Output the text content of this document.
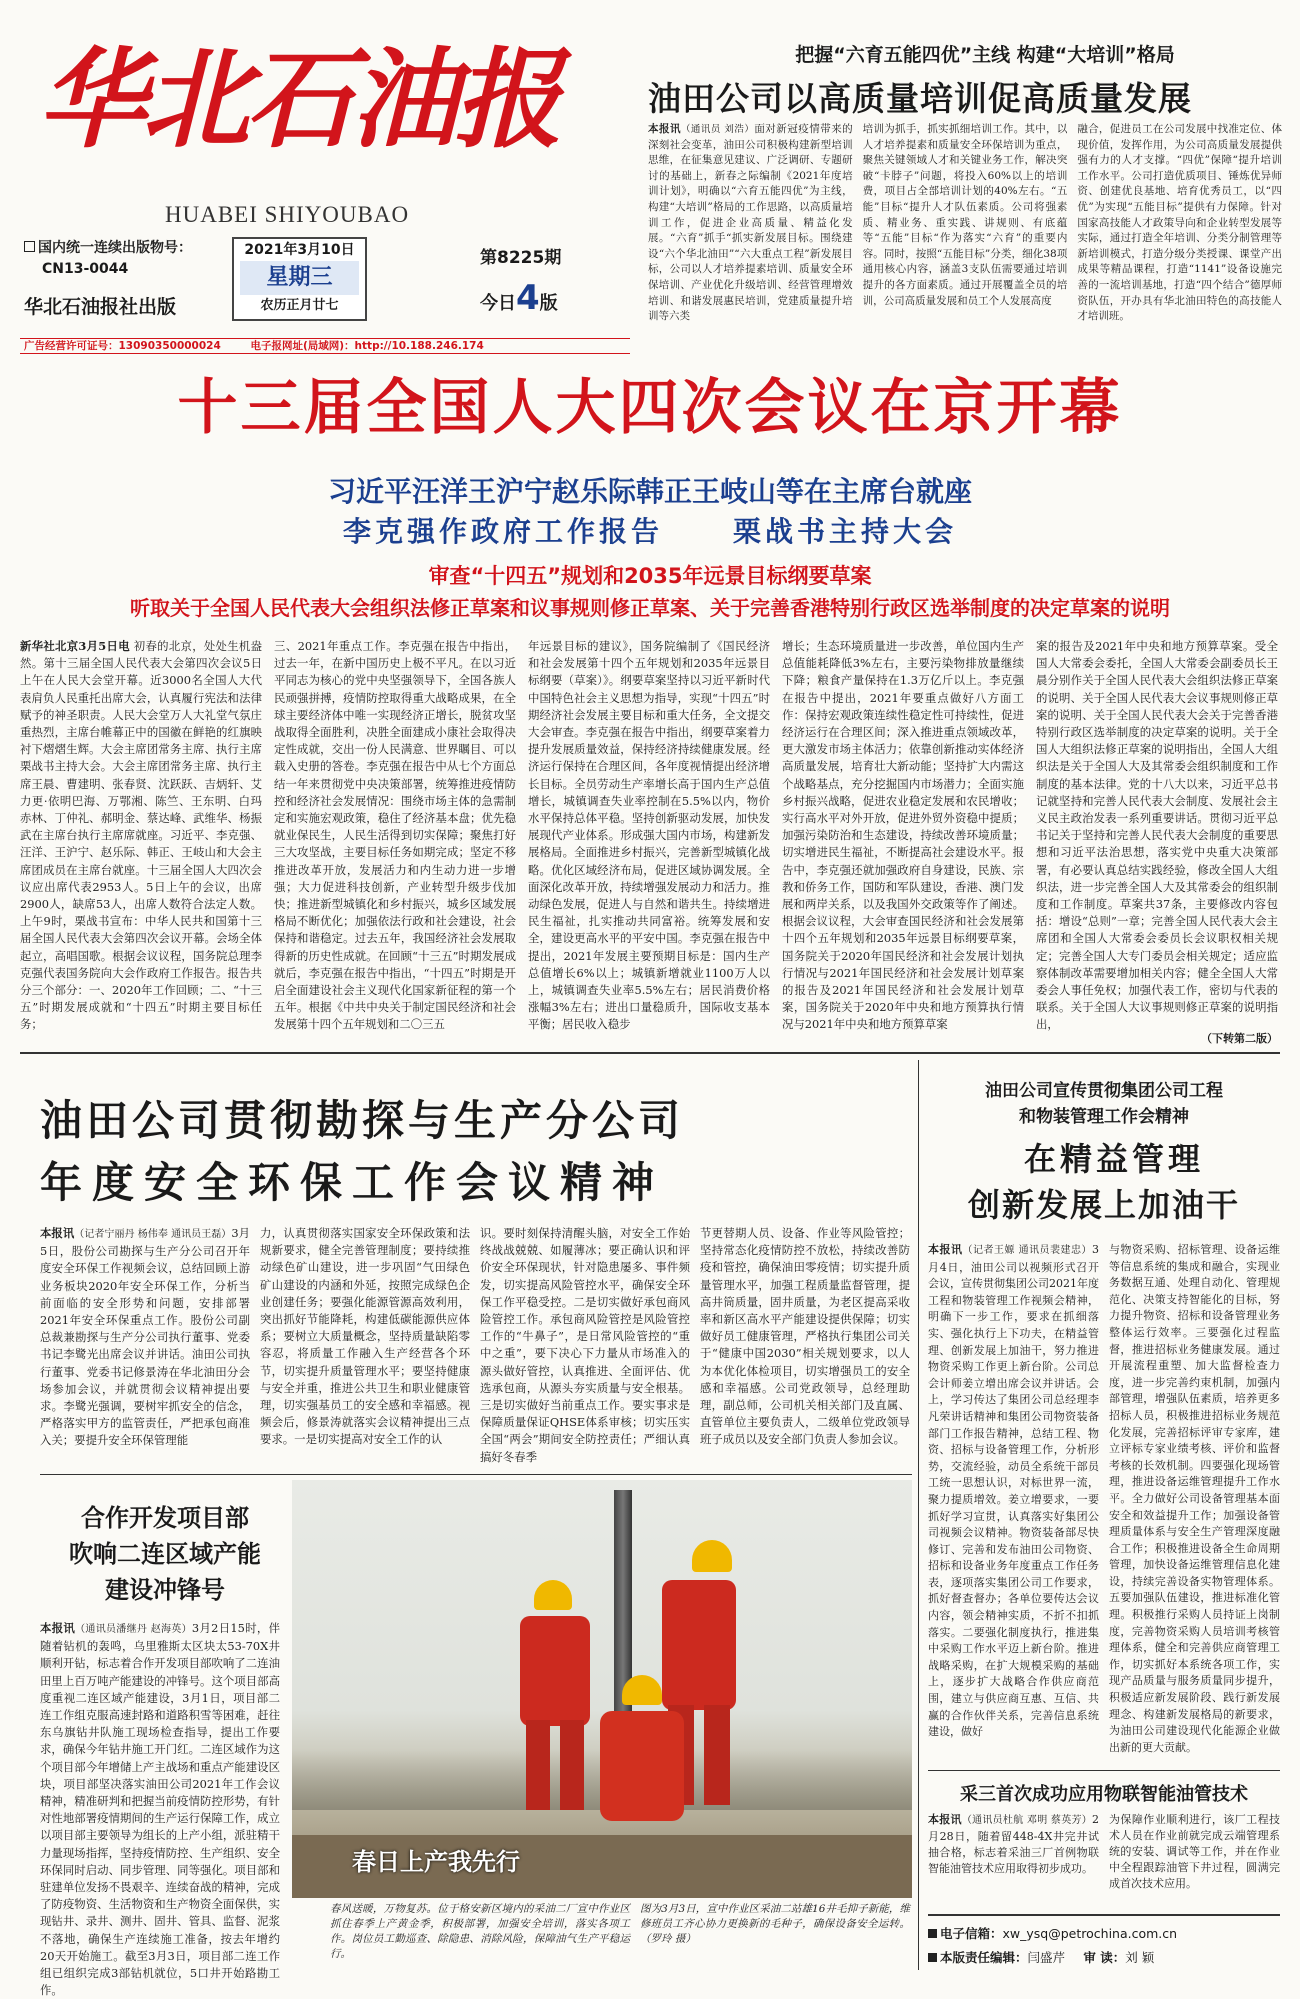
华北石油报
HUABEI SHIYOUBAO
国内统一连续出版物号：
CN13-0044
华北石油报社出版
2021年3月10日
星期三
农历正月廿七
第8225期
今日4版
广告经营许可证号：13090350000024	电子报网址(局域网)：http://10.188.246.174
把握“六育五能四优”主线 构建“大培训”格局
油田公司以高质量培训促高质量发展
本报讯（通讯员 刘浩）面对新冠疫情带来的深刻社会变革，油田公司积极构建新型培训思维，在征集意见建议、广泛调研、专题研讨的基础上，新春之际编制《2021年度培训计划》，明确以“六育五能四优”为主线，构建“大培训”格局的工作思路，以高质量培训工作，促进企业高质量、精益化发展。“六育”抓手“抓实新发展目标。围绕建设“六个华北油田”“六大重点工程”新发展目标，公司以人才培养提素培训、质量安全环保培训、产业优化升级培训、经营管理增效培训、和谐发展惠民培训，党建质量提升培训等六类
培训为抓手，抓实抓细培训工作。其中，以人才培养提素和质量安全环保培训为重点，聚焦关键领域人才和关键业务工作，解决突破“卡脖子”问题，将投入60%以上的培训费，项目占全部培训计划的40%左右。“五能”目标“提升人才队伍素质。公司将强素质、精业务、重实践、讲规则、有底蕴等“五能”目标“作为落实“六育”的重要内容。同时，按照“五能目标”分类，细化38项通用核心内容，涵盖3支队伍需要通过培训提升的各方面素质。通过开展覆盖全员的培训，公司高质量发展和员工个人发展高度
融合，促进员工在公司发展中找准定位、体现价值，发挥作用，为公司高质量发展提供强有力的人才支撑。“四优”保障“提升培训工作水平。公司打造优质项目、锤炼优异师资、创建优良基地、培育优秀员工，以“四优”为实现“五能目标”提供有力保障。针对国家高技能人才政策导向和企业转型发展等实际，通过打造全年培训、分类分制管理等新培训模式，打造分级分类授课、课堂产出成果等精品课程，打造“1141”设备设施完善的一流培训基地，打造“四个结合”德厚师资队伍，开办具有华北油田特色的高技能人才培训班。
十三届全国人大四次会议在京开幕
习近平汪洋王沪宁赵乐际韩正王岐山等在主席台就座
李克强作政府工作报告	栗战书主持大会
审查“十四五”规划和2035年远景目标纲要草案
听取关于全国人民代表大会组织法修正草案和议事规则修正草案、关于完善香港特别行政区选举制度的决定草案的说明
新华社北京3月5日电 初春的北京，处处生机盎然。第十三届全国人民代表大会第四次会议5日上午在人民大会堂开幕。近3000名全国人大代表肩负人民重托出席大会，认真履行宪法和法律赋予的神圣职责。人民大会堂万人大礼堂气氛庄重热烈，主席台帷幕正中的国徽在鲜艳的红旗映衬下熠熠生辉。大会主席团常务主席、执行主席栗战书主持大会。大会主席团常务主席、执行主席王晨、曹建明、张春贤、沈跃跃、吉炳轩、艾力更·依明巴海、万鄂湘、陈竺、王东明、白玛赤林、丁仲礼、郝明金、蔡达峰、武维华、杨振武在主席台执行主席席就座。习近平、李克强、汪洋、王沪宁、赵乐际、韩正、王岐山和大会主席团成员在主席台就座。十三届全国人大四次会议应出席代表2953人。5日上午的会议，出席2900人，缺席53人，出席人数符合法定人数。上午9时，栗战书宣布：中华人民共和国第十三届全国人民代表大会第四次会议开幕。会场全体起立，高唱国歌。根据会议议程，国务院总理李克强代表国务院向大会作政府工作报告。报告共分三个部分：一、2020年工作回顾；二、“十三五”时期发展成就和“十四五”时期主要目标任务；
三、2021年重点工作。李克强在报告中指出，过去一年，在新中国历史上极不平凡。在以习近平同志为核心的党中央坚强领导下，全国各族人民顽强拼搏，疫情防控取得重大战略成果，在全球主要经济体中唯一实现经济正增长，脱贫攻坚战取得全面胜利，决胜全面建成小康社会取得决定性成就，交出一份人民满意、世界瞩目、可以载入史册的答卷。李克强在报告中从七个方面总结一年来贯彻党中央决策部署，统筹推进疫情防控和经济社会发展情况：围绕市场主体的急需制定和实施宏观政策，稳住了经济基本盘；优先稳就业保民生，人民生活得到切实保障；聚焦打好三大攻坚战，主要目标任务如期完成；坚定不移推进改革开放，发展活力和内生动力进一步增强；大力促进科技创新，产业转型升级步伐加快；推进新型城镇化和乡村振兴，城乡区域发展格局不断优化；加强依法行政和社会建设，社会保持和谐稳定。过去五年，我国经济社会发展取得新的历史性成就。在回顾“十三五”时期发展成就后，李克强在报告中指出，“十四五”时期是开启全面建设社会主义现代化国家新征程的第一个五年。根据《中共中央关于制定国民经济和社会发展第十四个五年规划和二〇三五
年远景目标的建议》，国务院编制了《国民经济和社会发展第十四个五年规划和2035年远景目标纲要（草案）》。纲要草案坚持以习近平新时代中国特色社会主义思想为指导，实现“十四五”时期经济社会发展主要目标和重大任务，全文提交大会审查。李克强在报告中指出，纲要草案着力提升发展质量效益，保持经济持续健康发展。经济运行保持在合理区间，各年度视情提出经济增长目标。全员劳动生产率增长高于国内生产总值增长，城镇调查失业率控制在5.5%以内，物价水平保持总体平稳。坚持创新驱动发展，加快发展现代产业体系。形成强大国内市场，构建新发展格局。全面推进乡村振兴，完善新型城镇化战略。优化区域经济布局，促进区域协调发展。全面深化改革开放，持续增强发展动力和活力。推动绿色发展，促进人与自然和谐共生。持续增进民生福祉，扎实推动共同富裕。统筹发展和安全，建设更高水平的平安中国。李克强在报告中提出，2021年发展主要预期目标是：国内生产总值增长6%以上；城镇新增就业1100万人以上，城镇调查失业率5.5%左右；居民消费价格涨幅3%左右；进出口量稳质升，国际收支基本平衡；居民收入稳步
增长；生态环境质量进一步改善，单位国内生产总值能耗降低3%左右，主要污染物排放量继续下降；粮食产量保持在1.3万亿斤以上。李克强在报告中提出，2021年要重点做好八方面工作：保持宏观政策连续性稳定性可持续性，促进经济运行在合理区间；深入推进重点领域改革，更大激发市场主体活力；依靠创新推动实体经济高质量发展，培育壮大新动能；坚持扩大内需这个战略基点，充分挖掘国内市场潜力；全面实施乡村振兴战略，促进农业稳定发展和农民增收；实行高水平对外开放，促进外贸外资稳中提质；加强污染防治和生态建设，持续改善环境质量；切实增进民生福祉，不断提高社会建设水平。报告中，李克强还就加强政府自身建设，民族、宗教和侨务工作，国防和军队建设，香港、澳门发展和两岸关系，以及我国外交政策等作了阐述。根据会议议程，大会审查国民经济和社会发展第十四个五年规划和2035年远景目标纲要草案，国务院关于2020年国民经济和社会发展计划执行情况与2021年国民经济和社会发展计划草案的报告及2021年国民经济和社会发展计划草案，国务院关于2020年中央和地方预算执行情况与2021年中央和地方预算草案
案的报告及2021年中央和地方预算草案。受全国人大常委会委托，全国人大常委会副委员长王晨分别作关于全国人民代表大会组织法修正草案的说明、关于全国人民代表大会议事规则修正草案的说明、关于全国人民代表大会关于完善香港特别行政区选举制度的决定草案的说明。关于全国人大组织法修正草案的说明指出，全国人大组织法是关于全国人大及其常委会组织制度和工作制度的基本法律。党的十八大以来，习近平总书记就坚持和完善人民代表大会制度、发展社会主义民主政治发表一系列重要讲话。贯彻习近平总书记关于坚持和完善人民代表大会制度的重要思想和习近平法治思想，落实党中央重大决策部署，有必要认真总结实践经验，修改全国人大组织法，进一步完善全国人大及其常委会的组织制度和工作制度。草案共37条，主要修改内容包括：增设“总则”一章；完善全国人民代表大会主席团和全国人大常委会委员长会议职权相关规定；完善全国人大专门委员会相关规定；适应监察体制改革需要增加相关内容；健全全国人大常委会人事任免权；加强代表工作，密切与代表的联系。关于全国人大议事规则修正草案的说明指出，
（下转第二版）
油田公司贯彻勘探与生产分公司
年度安全环保工作会议精神
本报讯（记者宁丽丹 杨伟奉 通讯员王磊）3月5日，股份公司勘探与生产分公司召开年度安全环保工作视频会议，总结回顾上游业务板块2020年安全环保工作，分析当前面临的安全形势和问题，安排部署2021年安全环保重点工作。股份公司副总裁兼勘探与生产分公司执行董事、党委书记李鹭光出席会议并讲话。油田公司执行董事、党委书记修景涛在华北油田分会场参加会议，并就贯彻会议精神提出要求。李鹭光强调，要树牢抓安全的信念，严格落实甲方的监管责任，严把承包商准入关；要提升安全环保管理能
力，认真贯彻落实国家安全环保政策和法规新要求，健全完善管理制度；要持续推动绿色矿山建设，进一步巩固“气田绿色矿山建设的内涵和外延，按照完成绿色企业创建任务；要强化能源管源高效利用，突出抓好节能降耗，构建低碳能源供应体系；要树立大质量概念，坚持质量缺陷零容忍，将质量工作融入生产经营各个环节，切实提升质量管理水平；要坚持健康与安全并重，推进公共卫生和职业健康管理，切实强基员工的安全感和幸福感。视频会后，修景涛就落实会议精神提出三点要求。一是切实提高对安全工作的认
识。要时刻保持清醒头脑，对安全工作始终战战兢兢、如履薄冰；要正确认识和评价安全环保现状，针对隐患屡多、事件频发，切实提高风险管控水平，确保安全环保工作平稳受控。二是切实做好承包商风险管控工作。承包商风险管控是风险管控工作的“牛鼻子”，是日常风险管控的“重中之重”，要下决心下力量从市场准入的源头做好管控，认真推进、全面评估、优选承包商，从源头夯实质量与安全根基。三是切实做好当前重点工作。要实事求是保障质量保证QHSE体系审核；切实压实全国“两会”期间安全防控责任；严细认真搞好冬春季
节更替期人员、设备、作业等风险管控；坚持常态化疫情防控不放松，持续改善防疫和管控，确保油田零疫情；切实提升质量管理水平，加强工程质量监督管理，提高井筒质量，固井质量，为老区提高采收率和新区高水平产能建设提供保障；切实做好员工健康管理，严格执行集团公司关于“健康中国2030”相关规划要求，以人为本优化体检项目，切实增强员工的安全感和幸福感。公司党政领导，总经理助理，副总师，公司机关相关部门及直属、直管单位主要负责人，二级单位党政领导班子成员以及安全部门负责人参加会议。
合作开发项目部
吹响二连区域产能
建设冲锋号
本报讯（通讯员潘继丹 赵海英）3月2日15时，伴随着钻机的轰鸣，乌里雅斯太区块太53-70X井顺利开钻，标志着合作开发项目部吹响了二连油田里上百万吨产能建设的冲锋号。这个项目部高度重视二连区域产能建设，3月1日，项目部二连工作组克服高速封路和道路积雪等困难，赶往东乌旗钻井队施工现场检查指导，提出工作要求，确保今年钻井施工开门红。二连区域作为这个项目部今年增储上产主战场和重点产能建设区块，项目部坚决落实油田公司2021年工作会议精神，精准研判和把握当前疫情防控形势，有针对性地部署疫情期间的生产运行保障工作，成立以项目部主要领导为组长的上产小组，派驻精干力量现场指挥，坚持疫情防控、生产组织、安全环保同时启动、同步管理、同等强化。项目部和驻建单位发扬不畏艰辛、连续奋战的精神，完成了防疫物资、生活物资和生产物资全面保供，实现钻井、录井、测井、固井、管具、监督、泥浆不落地，确保生产连续施工准备，按去年增约20天开始施工。截至3月3日，项目部二连工作组已组织完成3部钻机就位，5口井开始路勘工作。
春日上产我先行
春风送暖，万物复苏。位于格安新区境内的采油二厂宣中作业区抓住春季上产黄金季，积极部署，加强安全培训，落实各项工作。岗位员工勤巡查、除隐患、消除风险，保障油气生产平稳运行。
图为3月3日，宣中作业区采油二站雄16井毛抑子新能，维修班员工齐心协力更换新的毛种子，确保设备安全运转。 （罗玲 摄）
油田公司宣传贯彻集团公司工程
和物装管理工作会精神
在精益管理
创新发展上加油干
本报讯（记者王嫄 通讯员裴建忠）3月4日，油田公司以视频形式召开会议，宣传贯彻集团公司2021年度工程和物装管理工作视频会精神，明确下一步工作，要求在抓细落实、强化执行上下功夫，在精益管理、创新发展上加油干，努力推进物资采购工作更上新台阶。公司总会计师姜立增出席会议并讲话。会上，学习传达了集团公司总经理李凡荣讲话精神和集团公司物资装备部门工作报告精神，总结工程、物资、招标与设备管理工作，分析形势，交流经验，动员全系统干部员工统一思想认识，对标世界一流，聚力提质增效。姜立增要求，一要抓好学习宣贯，认真落实好集团公司视频会议精神。物资装备部尽快修订、完善和发布油田公司物资、招标和设备业务年度重点工作任务表，逐项落实集团公司工作要求，抓好督查督办；各单位要传达会议内容，领会精神实质，不折不扣抓落实。二要强化制度执行，推进集中采购工作水平迈上新台阶。推进战略采购，在扩大规模采购的基础上，逐步扩大战略合作供应商范围，建立与供应商互惠、互信、共赢的合作伙伴关系，完善信息系统建设，做好
与物资采购、招标管理、设备运维等信息系统的集成和融合，实现业务数据互通、处理自动化、管理规范化、决策支持智能化的目标，努力提升物资、招标和设备管理业务整体运行效率。三要强化过程监督，推进招标业务健康发展。通过开展流程重塑、加大监督检查力度，进一步完善约束机制，加强内部管理，增强队伍素质，培养更多招标人员，积极推进招标业务规范化发展，完善招标评审专家库，建立评标专家业绩考核、评价和监督考核的长效机制。四要强化现场管理，推进设备运维管理提升工作水平。全力做好公司设备管理基本面安全和效益提升工作；加强设备管理质量体系与安全生产管理深度融合工作；积极推进设备全生命周期管理，加快设备运维管理信息化建设，持续完善设备实物管理体系。五要加强队伍建设，推进标准化管理。积极推行采购人员持证上岗制度，完善物资采购人员培训考核管理体系，健全和完善供应商管理工作，切实抓好本系统各项工作，实现产品质量与服务质量同步提升，积极适应新发展阶段、践行新发展理念、构建新发展格局的新要求，为油田公司建设现代化能源企业做出新的更大贡献。
采三首次成功应用物联智能油管技术
本报讯（通讯员杜航 邓明 蔡英芳）2月28日，随着留448-4X井完井试抽合格，标志着采油三厂首例物联智能油管技术应用取得初步成功。
为保障作业顺利进行，该厂工程技术人员在作业前就完成云端管理系统的安装、调试等工作，并在作业中全程跟踪油管下井过程，圆满完成首次技术应用。
电子信箱：xw_ysq@petrochina.com.cn
本版责任编辑：闫盛芹 审 读：刘 颖
